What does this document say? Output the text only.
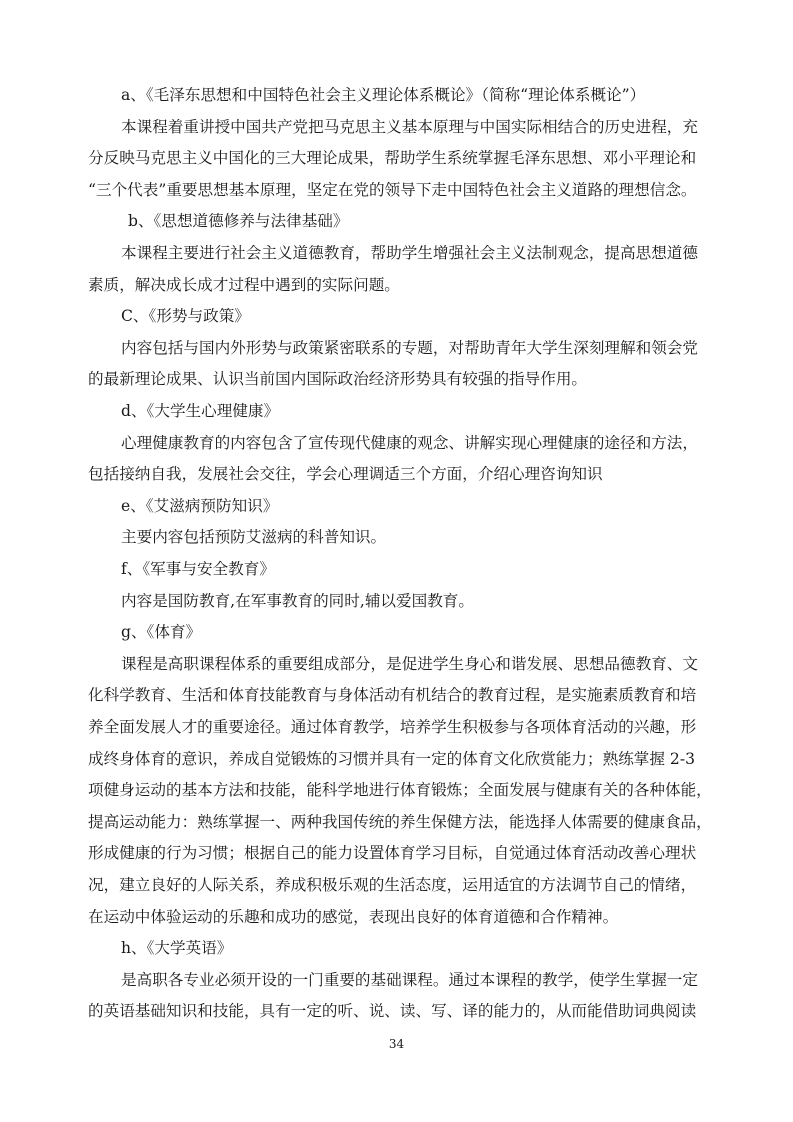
a、《毛泽东思想和中国特色社会主义理论体系概论》（简称“理论体系概论”）
本课程着重讲授中国共产党把马克思主义基本原理与中国实际相结合的历史进程，充
分反映马克思主义中国化的三大理论成果，帮助学生系统掌握毛泽东思想、邓小平理论和
“三个代表”重要思想基本原理，坚定在党的领导下走中国特色社会主义道路的理想信念。
b、《思想道德修养与法律基础》
本课程主要进行社会主义道德教育，帮助学生增强社会主义法制观念，提高思想道德
素质，解决成长成才过程中遇到的实际问题。
C、《形势与政策》
内容包括与国内外形势与政策紧密联系的专题，对帮助青年大学生深刻理解和领会党
的最新理论成果、认识当前国内国际政治经济形势具有较强的指导作用。
d、《大学生心理健康》
心理健康教育的内容包含了宣传现代健康的观念、讲解实现心理健康的途径和方法，
包括接纳自我，发展社会交往，学会心理调适三个方面，介绍心理咨询知识
e、《艾滋病预防知识》
主要内容包括预防艾滋病的科普知识。
f、《军事与安全教育》
内容是国防教育,在军事教育的同时,辅以爱国教育。
g、《体育》
课程是高职课程体系的重要组成部分，是促进学生身心和谐发展、思想品德教育、文
化科学教育、生活和体育技能教育与身体活动有机结合的教育过程，是实施素质教育和培
养全面发展人才的重要途径。通过体育教学，培养学生积极参与各项体育活动的兴趣，形
成终身体育的意识，养成自觉锻炼的习惯并具有一定的体育文化欣赏能力；熟练掌握 2-3
项健身运动的基本方法和技能，能科学地进行体育锻炼；全面发展与健康有关的各种体能，
提高运动能力：熟练掌握一、两种我国传统的养生保健方法，能选择人体需要的健康食品，
形成健康的行为习惯；根据自己的能力设置体育学习目标，自觉通过体育活动改善心理状
况，建立良好的人际关系，养成积极乐观的生活态度，运用适宜的方法调节自己的情绪，
在运动中体验运动的乐趣和成功的感觉，表现出良好的体育道德和合作精神。
h、《大学英语》
是高职各专业必须开设的一门重要的基础课程。通过本课程的教学，使学生掌握一定
的英语基础知识和技能，具有一定的听、说、读、写、译的能力的，从而能借助词典阅读
34
